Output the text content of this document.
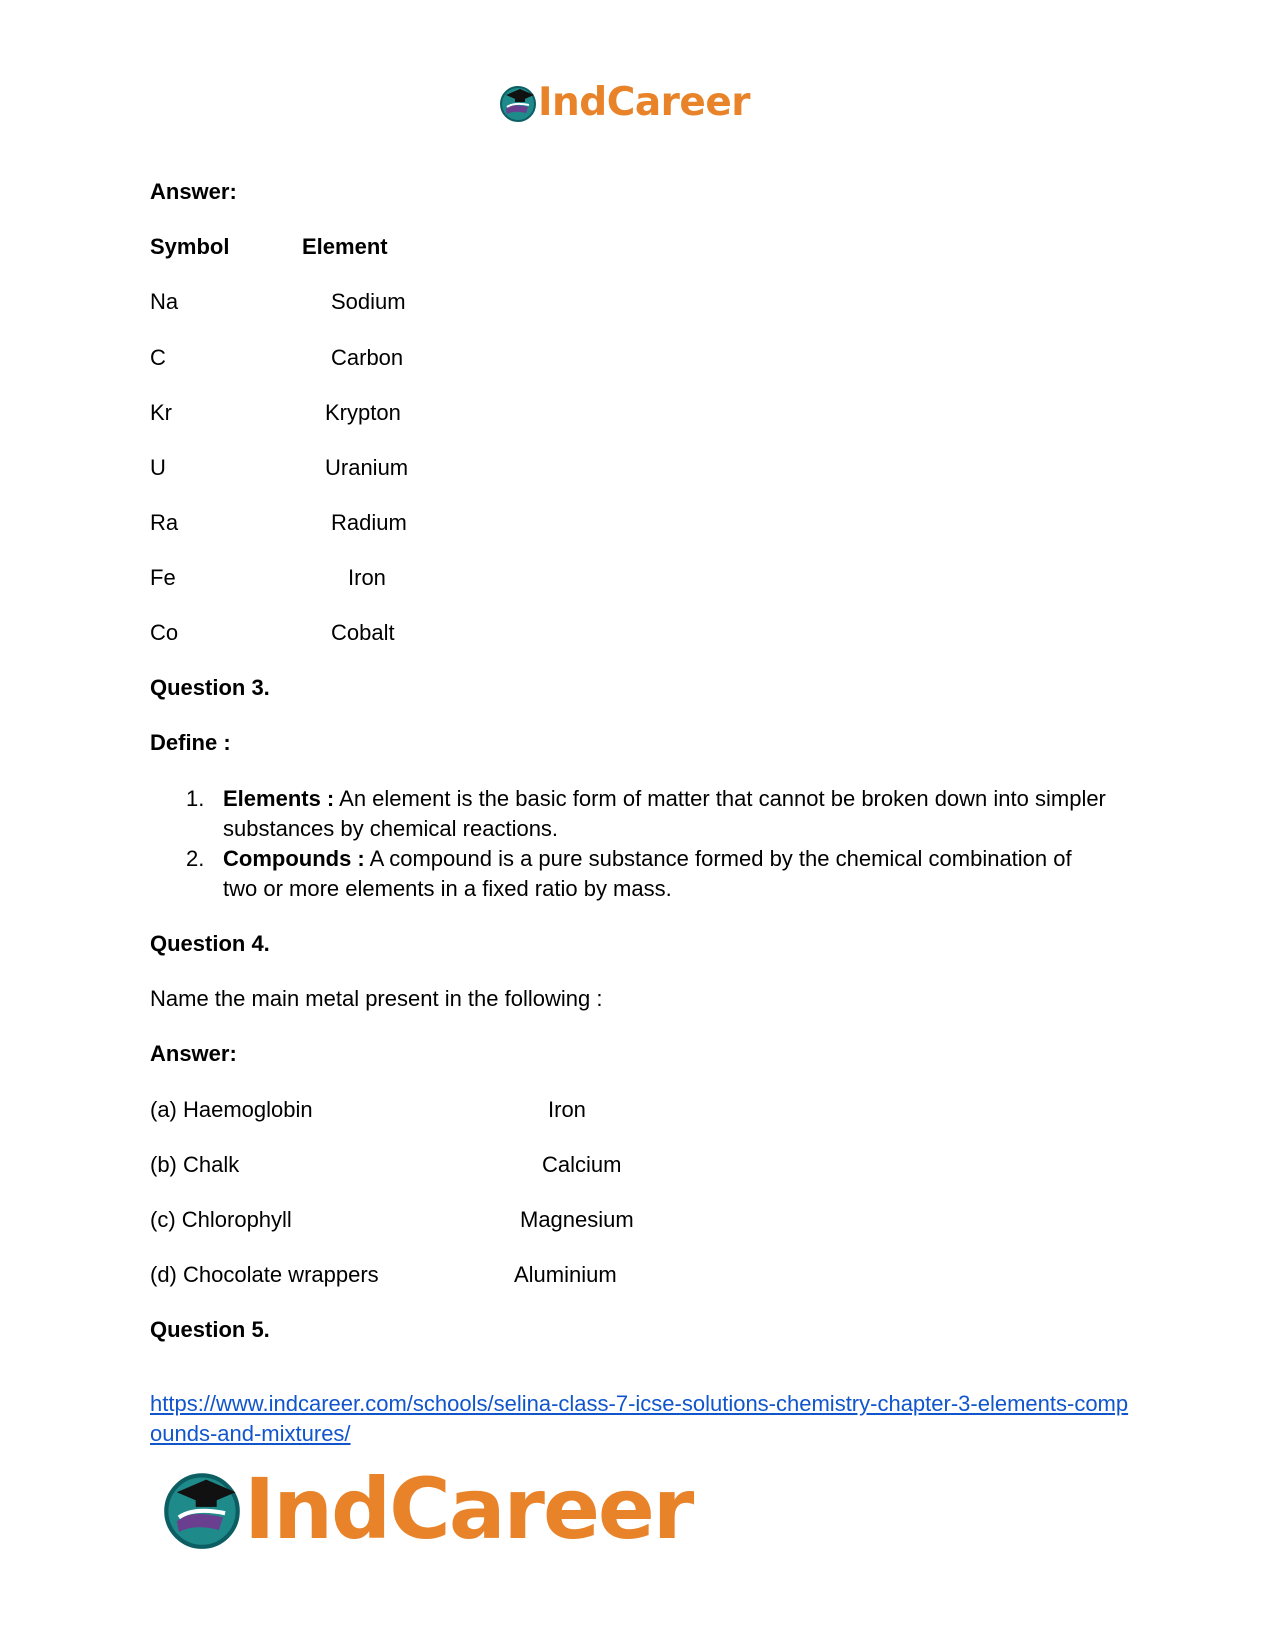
IndCareer
Answer:
Symbol	Element
Na	Sodium
C	Carbon
Kr	Krypton
U	Uranium
Ra	Radium
Fe	Iron
Co	Cobalt
Question 3.
Define :
1. Elements : An element is the basic form of matter that cannot be broken down into simpler substances by chemical reactions.
2. Compounds : A compound is a pure substance formed by the chemical combination of two or more elements in a fixed ratio by mass.
Question 4.
Name the main metal present in the following :
Answer:
(a) Haemoglobin	Iron
(b) Chalk	Calcium
(c) Chlorophyll	Magnesium
(d) Chocolate wrappers	Aluminium
Question 5.
https://www.indcareer.com/schools/selina-class-7-icse-solutions-chemistry-chapter-3-elements-compounds-and-mixtures/
IndCareer
